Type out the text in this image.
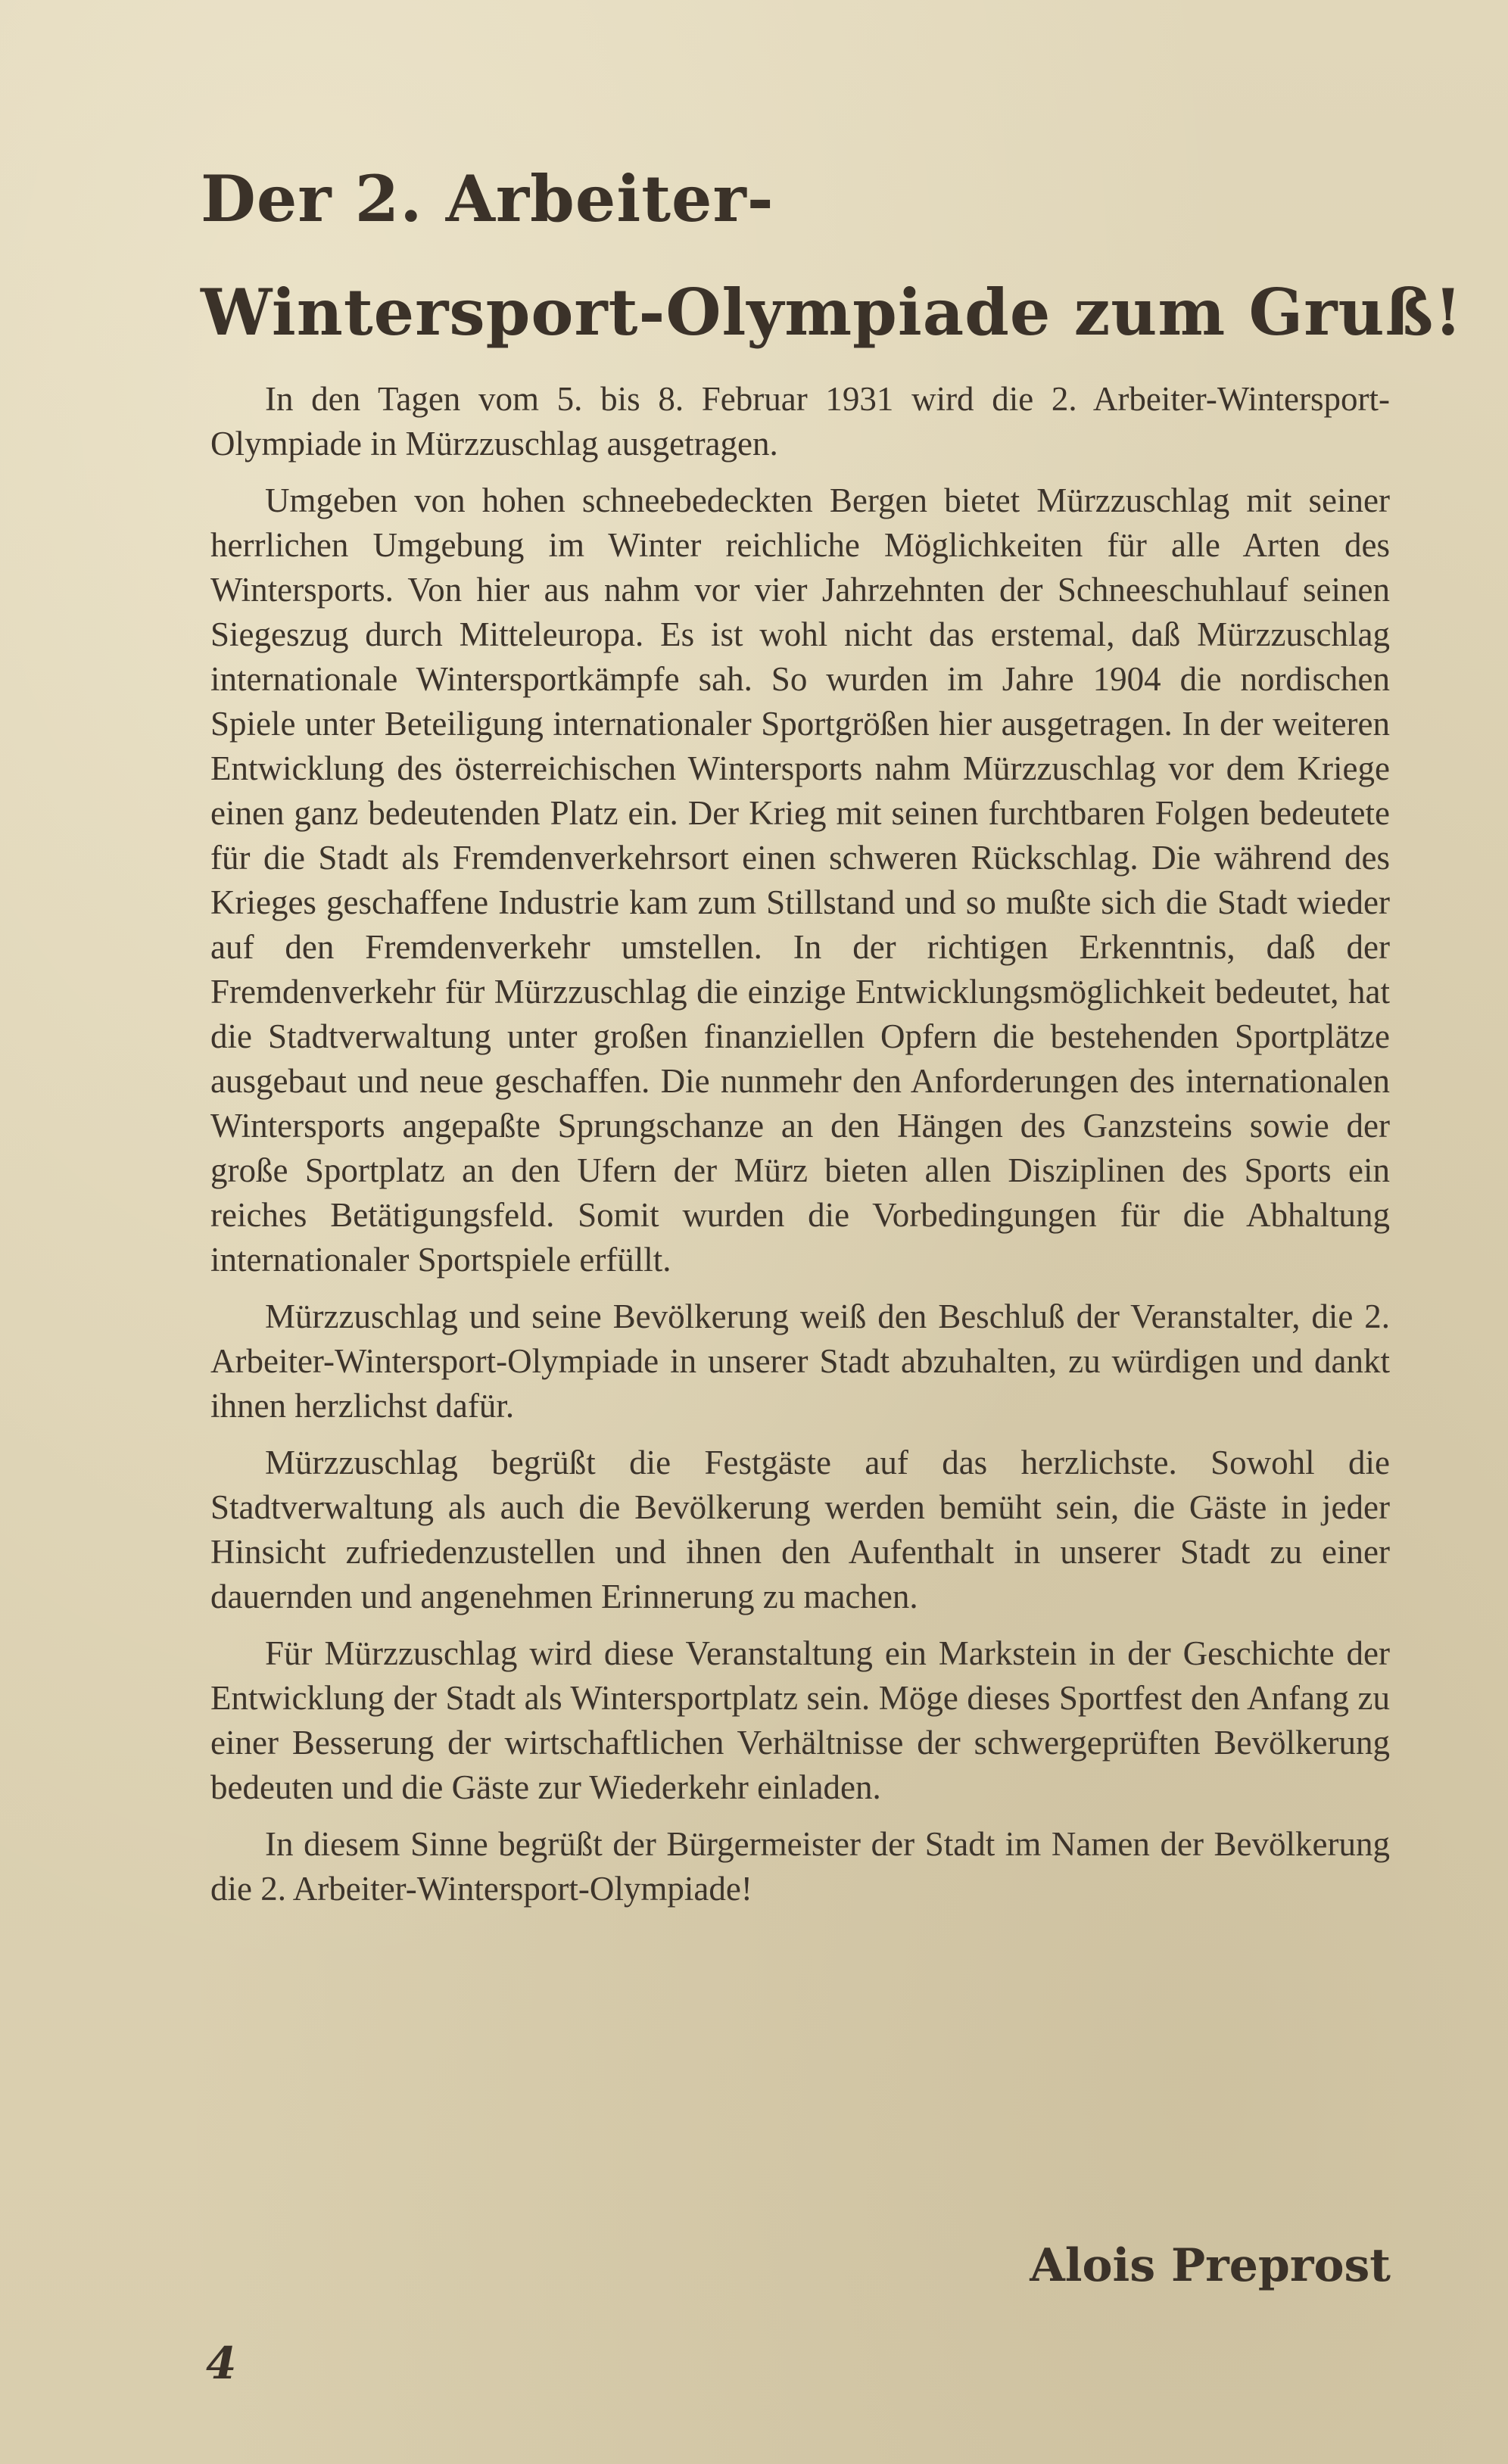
Der 2. Arbeiter-
Wintersport-Olympiade zum Gruß!

In den Tagen vom 5. bis 8. Februar 1931 wird die 2. Arbeiter-Wintersport-Olympiade in Mürzzuschlag ausgetragen.

Umgeben von hohen schneebedeckten Bergen bietet Mürzzuschlag mit seiner herrlichen Umgebung im Winter reichliche Möglichkeiten für alle Arten des Wintersports. Von hier aus nahm vor vier Jahrzehnten der Schneeschuhlauf seinen Siegeszug durch Mitteleuropa. Es ist wohl nicht das erstemal, daß Mürzzuschlag internationale Wintersportkämpfe sah. So wurden im Jahre 1904 die nordischen Spiele unter Beteiligung internationaler Sportgrößen hier ausgetragen. In der weiteren Entwicklung des österreichischen Wintersports nahm Mürzzuschlag vor dem Kriege einen ganz bedeutenden Platz ein. Der Krieg mit seinen furchtbaren Folgen bedeutete für die Stadt als Fremdenverkehrsort einen schweren Rückschlag. Die während des Krieges geschaffene Industrie kam zum Stillstand und so mußte sich die Stadt wieder auf den Fremdenverkehr umstellen. In der richtigen Erkenntnis, daß der Fremdenverkehr für Mürzzuschlag die einzige Entwicklungsmöglichkeit bedeutet, hat die Stadtverwaltung unter großen finanziellen Opfern die bestehenden Sportplätze ausgebaut und neue geschaffen. Die nunmehr den Anforderungen des internationalen Wintersports angepaßte Sprungschanze an den Hängen des Ganzsteins sowie der große Sportplatz an den Ufern der Mürz bieten allen Disziplinen des Sports ein reiches Betätigungsfeld. Somit wurden die Vorbedingungen für die Abhaltung internationaler Sportspiele erfüllt.

Mürzzuschlag und seine Bevölkerung weiß den Beschluß der Veranstalter, die 2. Arbeiter-Wintersport-Olympiade in unserer Stadt abzuhalten, zu würdigen und dankt ihnen herzlichst dafür.

Mürzzuschlag begrüßt die Festgäste auf das herzlichste. Sowohl die Stadtverwaltung als auch die Bevölkerung werden bemüht sein, die Gäste in jeder Hinsicht zufriedenzustellen und ihnen den Aufenthalt in unserer Stadt zu einer dauernden und angenehmen Erinnerung zu machen.

Für Mürzzuschlag wird diese Veranstaltung ein Markstein in der Geschichte der Entwicklung der Stadt als Wintersportplatz sein. Möge dieses Sportfest den Anfang zu einer Besserung der wirtschaftlichen Verhältnisse der schwergeprüften Bevölkerung bedeuten und die Gäste zur Wiederkehr einladen.

In diesem Sinne begrüßt der Bürgermeister der Stadt im Namen der Bevölkerung die 2. Arbeiter-Wintersport-Olympiade!

Alois Preprost
4
